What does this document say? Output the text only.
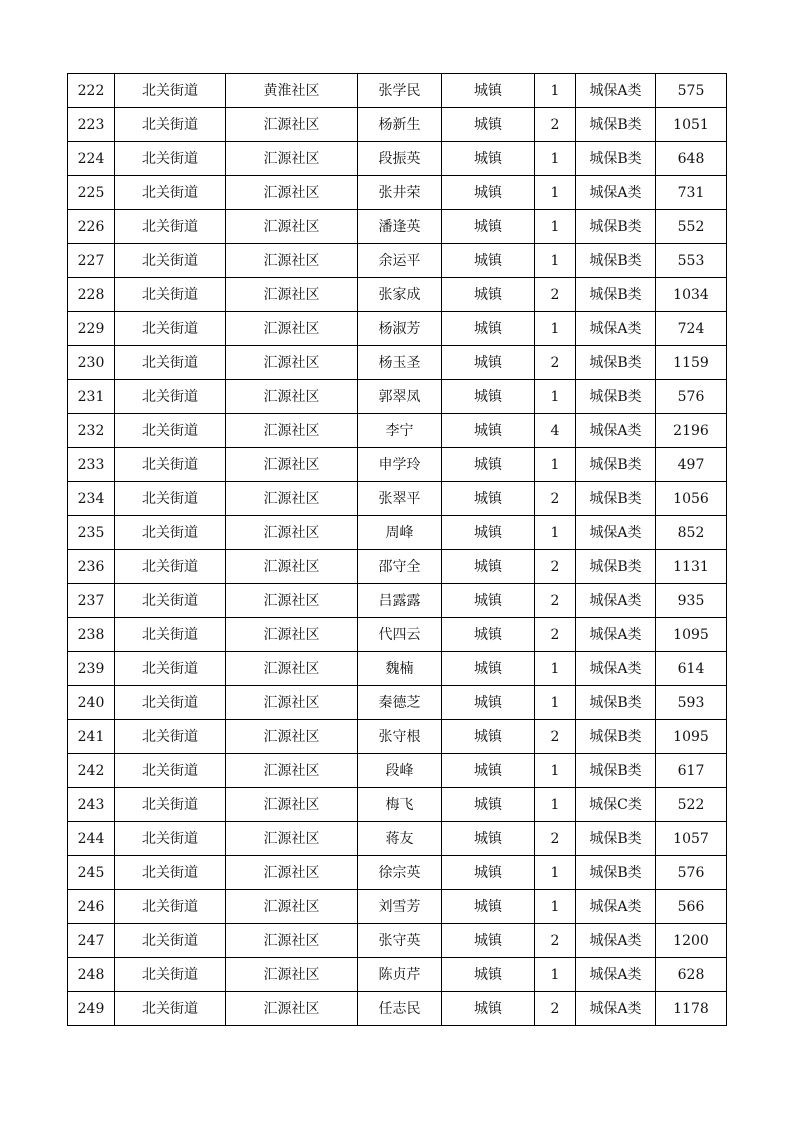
222	北关街道	黄淮社区	张学民	城镇	1	城保A类	575
223	北关街道	汇源社区	杨新生	城镇	2	城保B类	1051
224	北关街道	汇源社区	段振英	城镇	1	城保B类	648
225	北关街道	汇源社区	张井荣	城镇	1	城保A类	731
226	北关街道	汇源社区	潘逢英	城镇	1	城保B类	552
227	北关街道	汇源社区	余运平	城镇	1	城保B类	553
228	北关街道	汇源社区	张家成	城镇	2	城保B类	1034
229	北关街道	汇源社区	杨淑芳	城镇	1	城保A类	724
230	北关街道	汇源社区	杨玉圣	城镇	2	城保B类	1159
231	北关街道	汇源社区	郭翠凤	城镇	1	城保B类	576
232	北关街道	汇源社区	李宁	城镇	4	城保A类	2196
233	北关街道	汇源社区	申学玲	城镇	1	城保B类	497
234	北关街道	汇源社区	张翠平	城镇	2	城保B类	1056
235	北关街道	汇源社区	周峰	城镇	1	城保A类	852
236	北关街道	汇源社区	邵守全	城镇	2	城保B类	1131
237	北关街道	汇源社区	吕露露	城镇	2	城保A类	935
238	北关街道	汇源社区	代四云	城镇	2	城保A类	1095
239	北关街道	汇源社区	魏楠	城镇	1	城保A类	614
240	北关街道	汇源社区	秦德芝	城镇	1	城保B类	593
241	北关街道	汇源社区	张守根	城镇	2	城保B类	1095
242	北关街道	汇源社区	段峰	城镇	1	城保B类	617
243	北关街道	汇源社区	梅飞	城镇	1	城保C类	522
244	北关街道	汇源社区	蒋友	城镇	2	城保B类	1057
245	北关街道	汇源社区	徐宗英	城镇	1	城保B类	576
246	北关街道	汇源社区	刘雪芳	城镇	1	城保A类	566
247	北关街道	汇源社区	张守英	城镇	2	城保A类	1200
248	北关街道	汇源社区	陈贞芹	城镇	1	城保A类	628
249	北关街道	汇源社区	任志民	城镇	2	城保A类	1178
